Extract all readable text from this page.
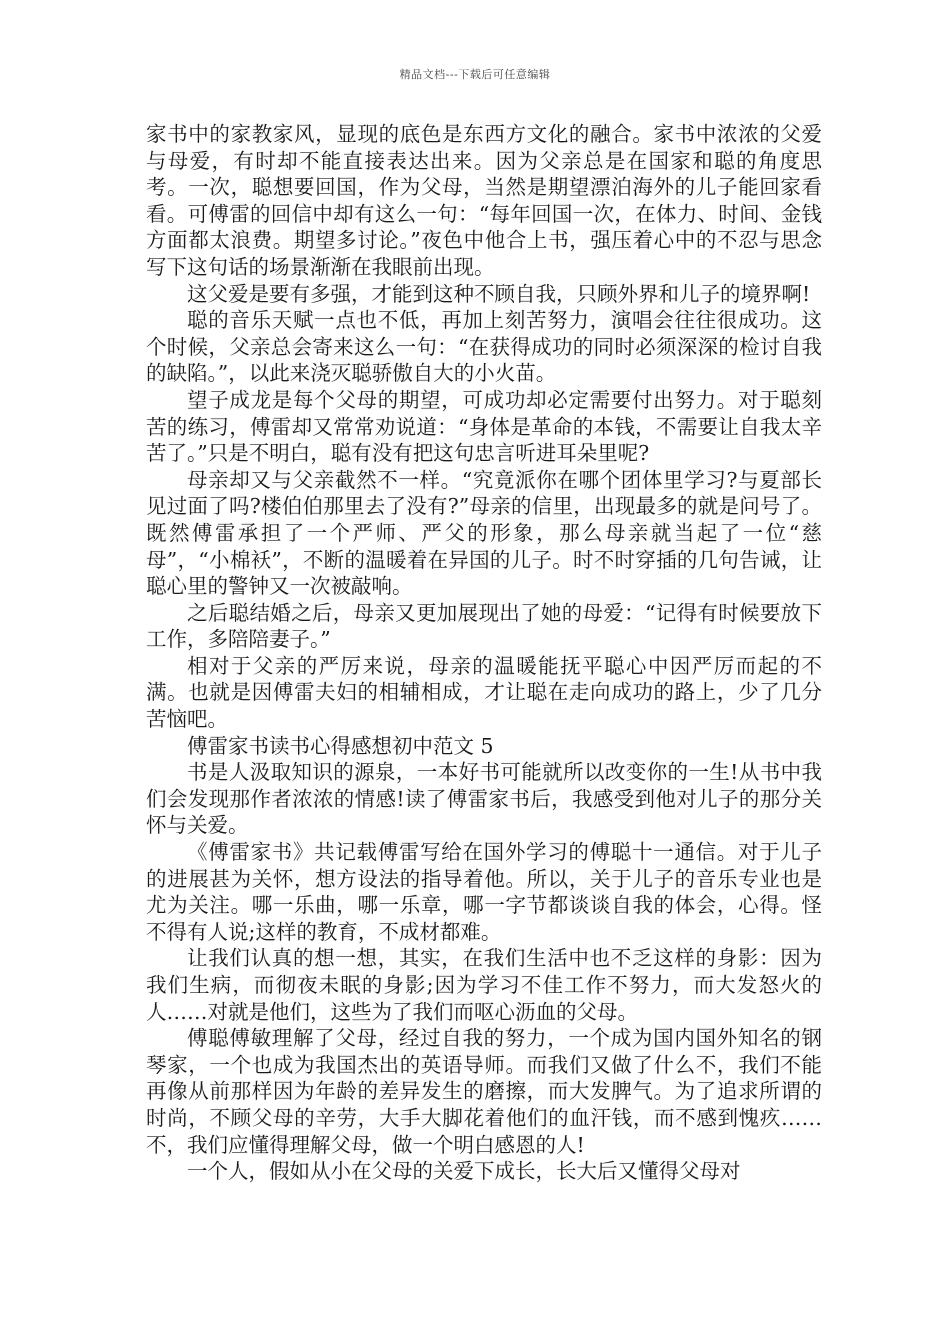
精品文档---下载后可任意编辑

家书中的家教家风，显现的底色是东西方文化的融合。家书中浓浓的父爱与母爱，有时却不能直接表达出来。因为父亲总是在国家和聪的角度思考。一次，聪想要回国，作为父母，当然是期望漂泊海外的儿子能回家看看。可傅雷的回信中却有这么一句：“每年回国一次，在体力、时间、金钱方面都太浪费。期望多讨论。”夜色中他合上书，强压着心中的不忍与思念写下这句话的场景渐渐在我眼前出现。

这父爱是要有多强，才能到这种不顾自我，只顾外界和儿子的境界啊!

聪的音乐天赋一点也不低，再加上刻苦努力，演唱会往往很成功。这个时候，父亲总会寄来这么一句：“在获得成功的同时必须深深的检讨自我的缺陷。”，以此来浇灭聪骄傲自大的小火苗。

望子成龙是每个父母的期望，可成功却必定需要付出努力。对于聪刻苦的练习，傅雷却又常常劝说道：“身体是革命的本钱，不需要让自我太辛苦了。”只是不明白，聪有没有把这句忠言听进耳朵里呢?

母亲却又与父亲截然不一样。“究竟派你在哪个团体里学习?与夏部长见过面了吗?楼伯伯那里去了没有?”母亲的信里，出现最多的就是问号了。既然傅雷承担了一个严师、严父的形象，那么母亲就当起了一位“慈母”，“小棉袄”，不断的温暖着在异国的儿子。时不时穿插的几句告诫，让聪心里的警钟又一次被敲响。

之后聪结婚之后，母亲又更加展现出了她的母爱：“记得有时候要放下工作，多陪陪妻子。”

相对于父亲的严厉来说，母亲的温暖能抚平聪心中因严厉而起的不满。也就是因傅雷夫妇的相辅相成，才让聪在走向成功的路上，少了几分苦恼吧。

傅雷家书读书心得感想初中范文 5

书是人汲取知识的源泉，一本好书可能就所以改变你的一生!从书中我们会发现那作者浓浓的情感!读了傅雷家书后，我感受到他对儿子的那分关怀与关爱。

《傅雷家书》共记载傅雷写给在国外学习的傅聪十一通信。对于儿子的进展甚为关怀，想方设法的指导着他。所以，关于儿子的音乐专业也是尤为关注。哪一乐曲，哪一乐章，哪一字节都谈谈自我的体会，心得。怪不得有人说;这样的教育，不成材都难。

让我们认真的想一想，其实，在我们生活中也不乏这样的身影：因为我们生病，而彻夜未眠的身影;因为学习不佳工作不努力，而大发怒火的人……对就是他们，这些为了我们而呕心沥血的父母。

傅聪傅敏理解了父母，经过自我的努力，一个成为国内国外知名的钢琴家，一个也成为我国杰出的英语导师。而我们又做了什么不，我们不能再像从前那样因为年龄的差异发生的磨擦，而大发脾气。为了追求所谓的时尚，不顾父母的辛劳，大手大脚花着他们的血汗钱，而不感到愧疚……不，我们应懂得理解父母，做一个明白感恩的人!

一个人，假如从小在父母的关爱下成长，长大后又懂得父母对
